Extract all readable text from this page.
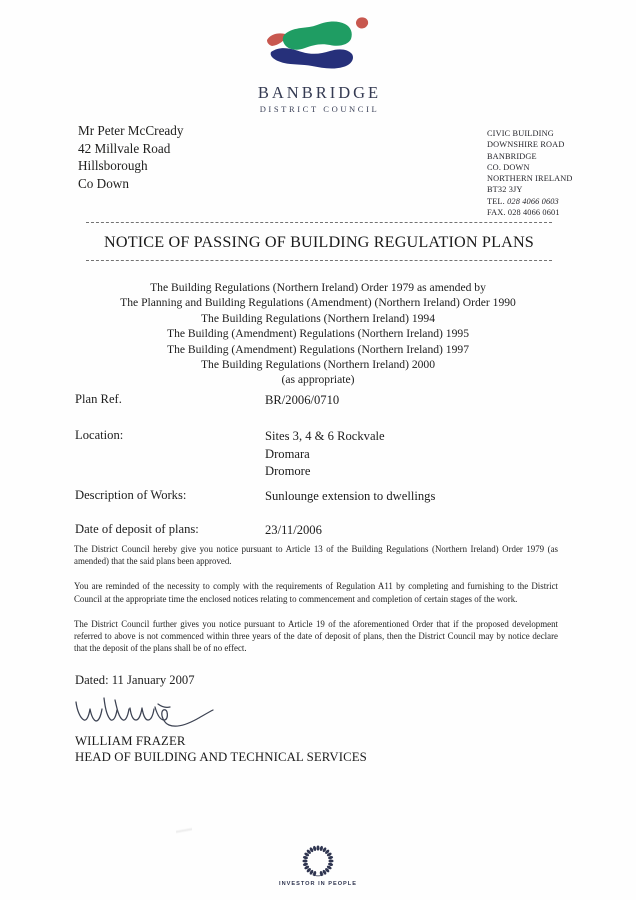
BANBRIDGE
DISTRICT COUNCIL
Mr Peter McCready
42 Millvale Road
Hillsborough
Co Down
CIVIC BUILDING
DOWNSHIRE ROAD
BANBRIDGE
CO. DOWN
NORTHERN IRELAND
BT32 3JY
TEL. 028 4066 0603
FAX. 028 4066 0601
NOTICE OF PASSING OF BUILDING REGULATION PLANS
The Building Regulations (Northern Ireland) Order 1979 as amended by
The Planning and Building Regulations (Amendment) (Northern Ireland) Order 1990
The Building Regulations (Northern Ireland) 1994
The Building (Amendment) Regulations (Northern Ireland) 1995
The Building (Amendment) Regulations (Northern Ireland) 1997
The Building Regulations (Northern Ireland) 2000
(as appropriate)
Plan Ref.	BR/2006/0710
Location:	Sites 3, 4 & 6 Rockvale
Dromara
Dromore
Description of Works:	Sunlounge extension to dwellings
Date of deposit of plans:	23/11/2006

The District Council hereby give you notice pursuant to Article 13 of the Building Regulations (Northern Ireland) Order 1979 (as amended) that the said plans been approved.

You are reminded of the necessity to comply with the requirements of Regulation A11 by completing and furnishing to the District Council at the appropriate time the enclosed notices relating to commencement and completion of certain stages of the work.

The District Council further gives you notice pursuant to Article 19 of the aforementioned Order that if the proposed development referred to above is not commenced within three years of the date of deposit of plans, then the District Council may by notice declare that the deposit of the plans shall be of no effect.

Dated: 11 January 2007
WILLIAM FRAZER
HEAD OF BUILDING AND TECHNICAL SERVICES
INVESTOR IN PEOPLE
